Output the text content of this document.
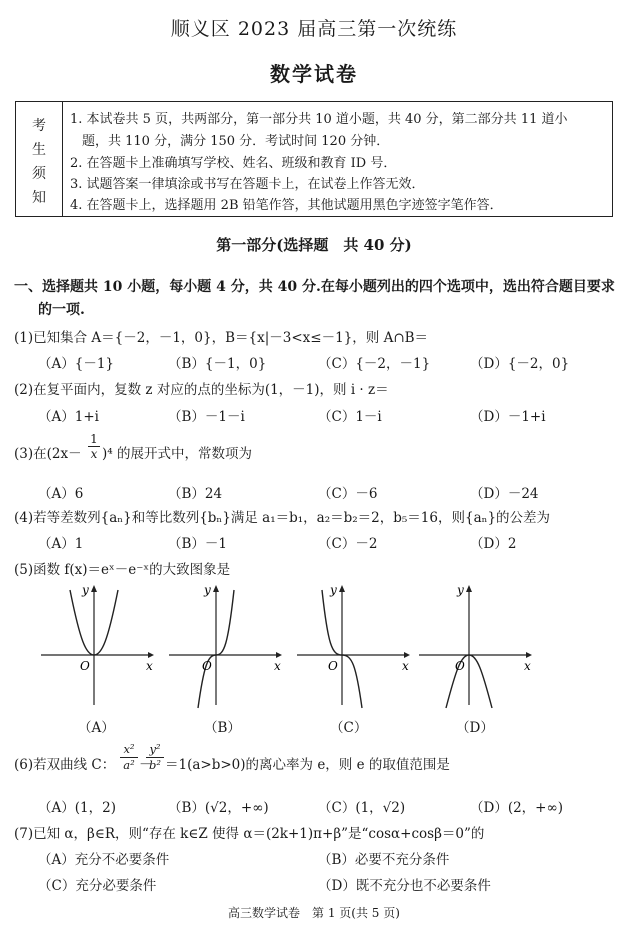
顺义区 2023 届高三第一次统练
数学试卷
考
生
须
知
1. 本试卷共 5 页，共两部分，第一部分共 10 道小题，共 40 分，第二部分共 11 道小
题，共 110 分，满分 150 分．考试时间 120 分钟．
2. 在答题卡上准确填写学校、姓名、班级和教育 ID 号．
3. 试题答案一律填涂或书写在答题卡上，在试卷上作答无效．
4. 在答题卡上，选择题用 2B 铅笔作答，其他试题用黑色字迹签字笔作答．
第一部分(选择题　共 40 分)
一、选择题共 10 小题，每小题 4 分，共 40 分.在每小题列出的四个选项中，选出符合题目要求
的一项.
(1)已知集合 A＝{－2，－1，0}，B＝{x|－3<x≤－1}，则 A∩B＝
（A）{－1}	（B）{－1，0}	（C）{－2，－1}	（D）{－2，0}
(2)在复平面内，复数 z 对应的点的坐标为(1，－1)，则 i · z＝
（A）1+i	（B）－1－i	（C）1－i	（D）－1+i
(3)在$(2x- \frac{1}{x} )^4$ 的展开式中，常数项为
（A）6	（B）24	（C）－6	（D）－24
(4)若等差数列{aₙ}和等比数列{bₙ}满足 a₁＝b₁，a₂＝b₂＝2，b₅＝16，则{aₙ}的公差为
（A）1	（B）－1	（C）－2	（D）2
(5)函数 f(x)＝eˣ－e⁻ˣ的大致图象是
y
x
O
y
x
O
y
x
O
y
x
O
（A）	（B）	（C）	（D）
(6)若双曲线 C： $\frac{\text{x²}}{\text{a²}}$ －
$\frac{\text{y²}}{\text{b²}} =1(a>b>0)$的离心率为 e，则 e 的取值范围是
（A）(1，2)	（B）(√2，+∞)	（C）(1，√2)	（D）(2，+∞)
(7)已知 α，β∈R，则“存在 k∈Z 使得 α＝(2k+1)π+β”是“cosα+cosβ＝0”的
（A）充分不必要条件	（B）必要不充分条件
（C）充分必要条件	（D）既不充分也不必要条件
高三数学试卷　第 1 页(共 5 页)
